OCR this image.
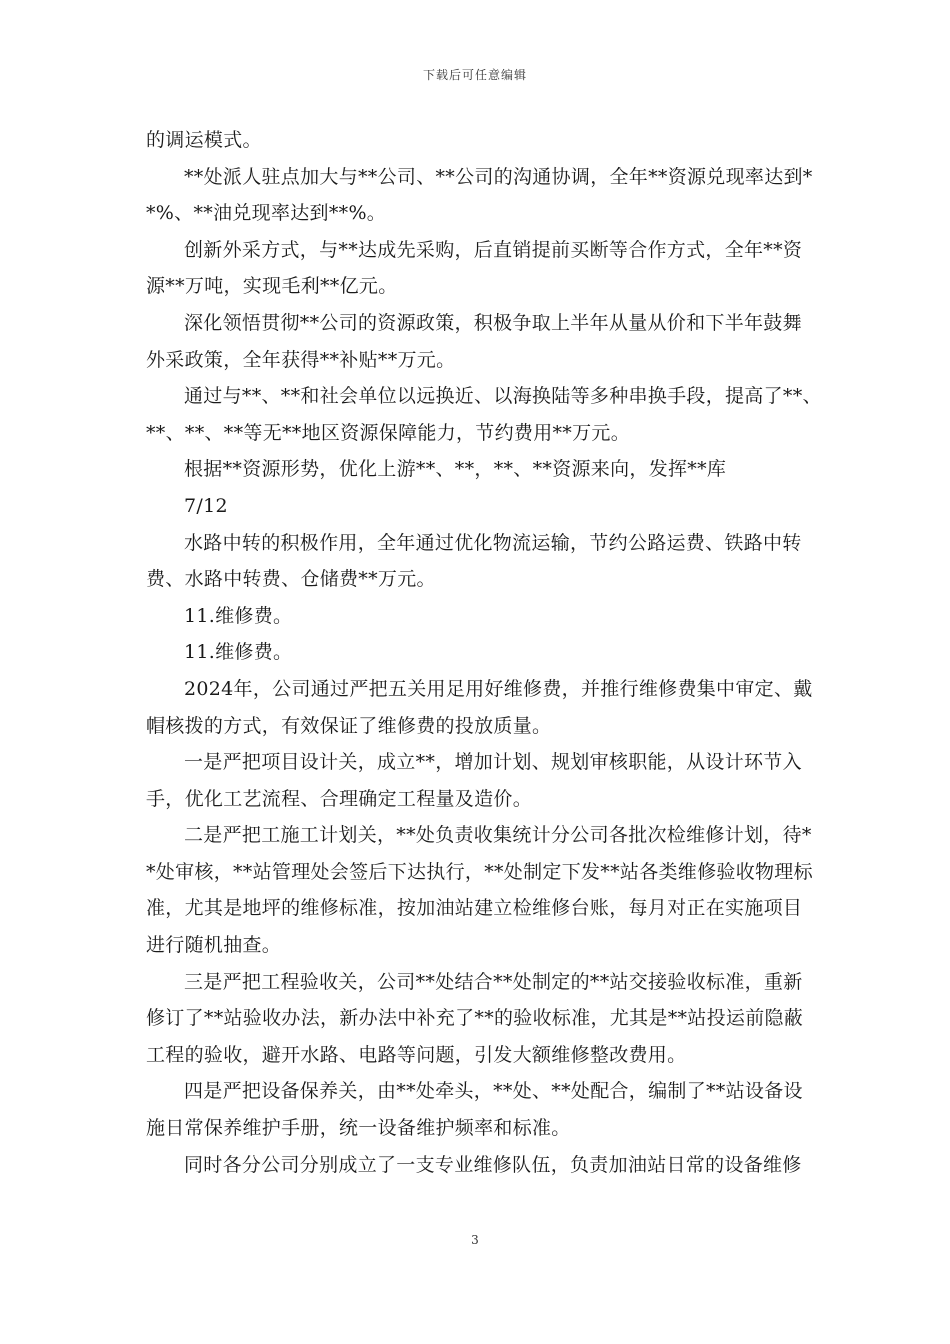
下载后可任意编辑
的调运模式。
**处派人驻点加大与**公司、**公司的沟通协调，全年**资源兑现率达到*
*%、**油兑现率达到**%。
创新外采方式，与**达成先采购，后直销提前买断等合作方式，全年**资
源**万吨，实现毛利**亿元。
深化领悟贯彻**公司的资源政策，积极争取上半年从量从价和下半年鼓舞
外采政策，全年获得**补贴**万元。
通过与**、**和社会单位以远换近、以海换陆等多种串换手段，提高了**、
**、**、**等无**地区资源保障能力，节约费用**万元。
根据**资源形势，优化上游**、**，**、**资源来向，发挥**库
7/12
水路中转的积极作用，全年通过优化物流运输，节约公路运费、铁路中转
费、水路中转费、仓储费**万元。
11.维修费。
11.维修费。
2024年，公司通过严把五关用足用好维修费，并推行维修费集中审定、戴
帽核拨的方式，有效保证了维修费的投放质量。
一是严把项目设计关，成立**，增加计划、规划审核职能，从设计环节入
手，优化工艺流程、合理确定工程量及造价。
二是严把工施工计划关，**处负责收集统计分公司各批次检维修计划，待*
*处审核，**站管理处会签后下达执行，**处制定下发**站各类维修验收物理标
准，尤其是地坪的维修标准，按加油站建立检维修台账，每月对正在实施项目
进行随机抽查。
三是严把工程验收关，公司**处结合**处制定的**站交接验收标准，重新
修订了**站验收办法，新办法中补充了**的验收标准，尤其是**站投运前隐蔽
工程的验收，避开水路、电路等问题，引发大额维修整改费用。
四是严把设备保养关，由**处牵头，**处、**处配合，编制了**站设备设
施日常保养维护手册，统一设备维护频率和标准。
同时各分公司分别成立了一支专业维修队伍，负责加油站日常的设备维修
3
